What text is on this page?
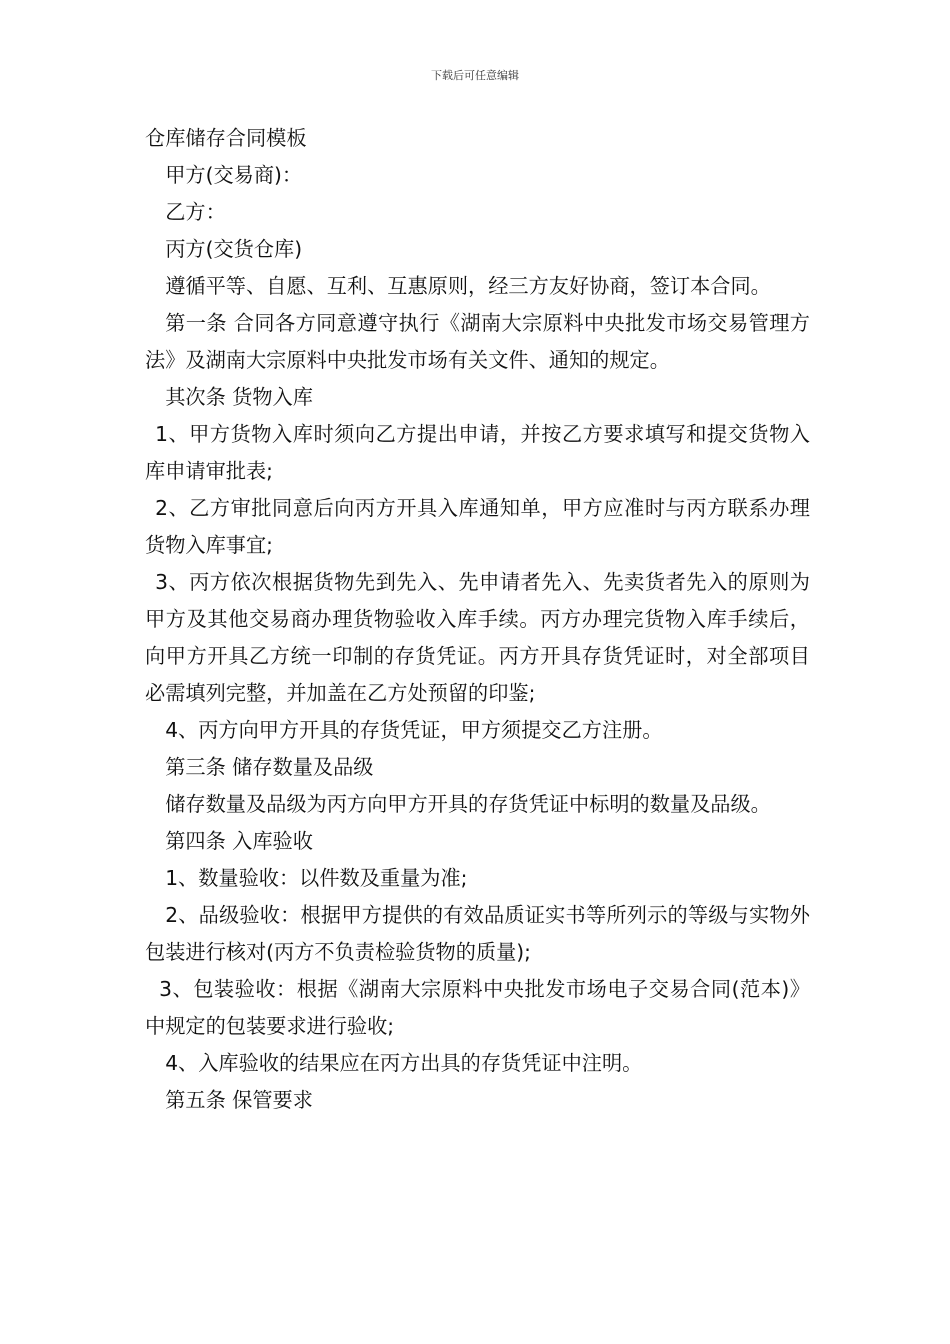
下载后可任意编辑

仓库储存合同模板

甲方(交易商)：

乙方：

丙方(交货仓库)

遵循平等、自愿、互利、互惠原则，经三方友好协商，签订本合同。

第一条 合同各方同意遵守执行《湖南大宗原料中央批发市场交易管理方法》及湖南大宗原料中央批发市场有关文件、通知的规定。

其次条 货物入库

1、甲方货物入库时须向乙方提出申请，并按乙方要求填写和提交货物入库申请审批表;

2、乙方审批同意后向丙方开具入库通知单，甲方应准时与丙方联系办理货物入库事宜;

3、丙方依次根据货物先到先入、先申请者先入、先卖货者先入的原则为甲方及其他交易商办理货物验收入库手续。丙方办理完货物入库手续后，向甲方开具乙方统一印制的存货凭证。丙方开具存货凭证时，对全部项目必需填列完整，并加盖在乙方处预留的印鉴;

4、丙方向甲方开具的存货凭证，甲方须提交乙方注册。

第三条 储存数量及品级

储存数量及品级为丙方向甲方开具的存货凭证中标明的数量及品级。

第四条 入库验收

1、数量验收：以件数及重量为准;

2、品级验收：根据甲方提供的有效品质证实书等所列示的等级与实物外包装进行核对(丙方不负责检验货物的质量);

3、包装验收：根据《湖南大宗原料中央批发市场电子交易合同(范本)》中规定的包装要求进行验收;

4、入库验收的结果应在丙方出具的存货凭证中注明。

第五条 保管要求
